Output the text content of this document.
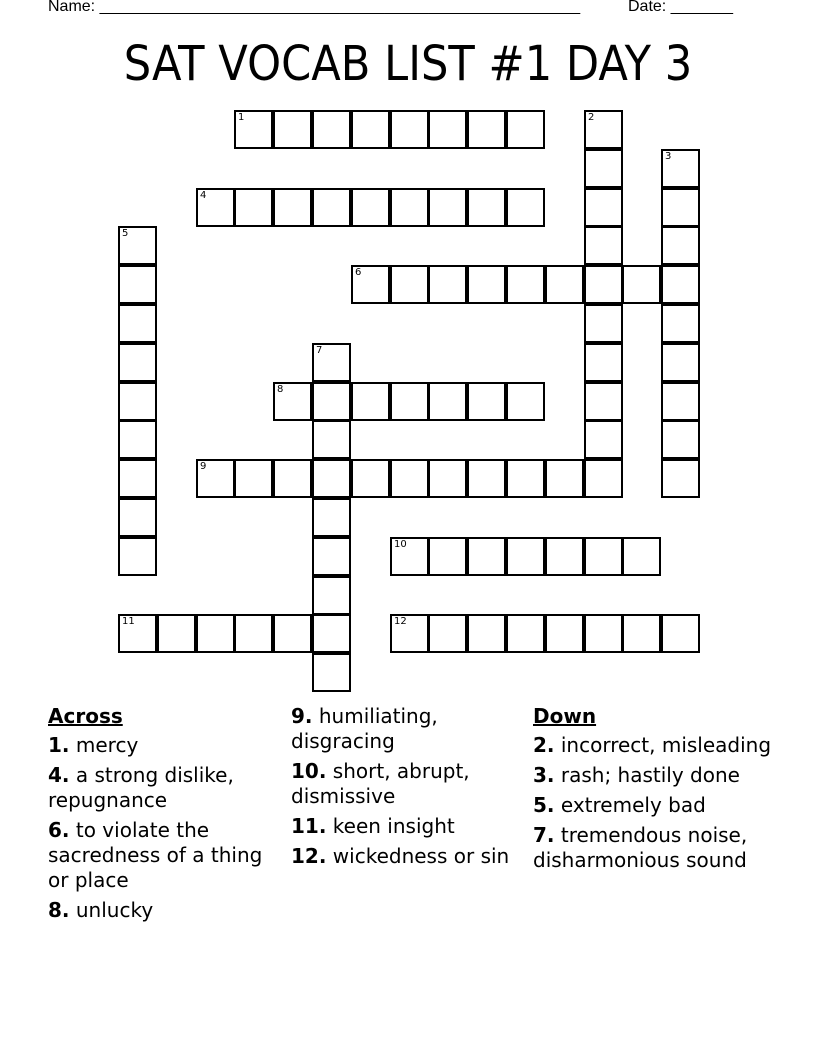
Name: ______________________________________________________	Date: _______
SAT VOCAB LIST #1 DAY 3
1	2
3
4
5
6
7
8
9
10
11	12
Across
1. mercy
4. a strong dislike, repugnance
6. to violate the sacredness of a thing or place
8. unlucky
9. humiliating, disgracing
10. short, abrupt, dismissive
11. keen insight
12. wickedness or sin
Down
2. incorrect, misleading
3. rash; hastily done
5. extremely bad
7. tremendous noise, disharmonious sound
